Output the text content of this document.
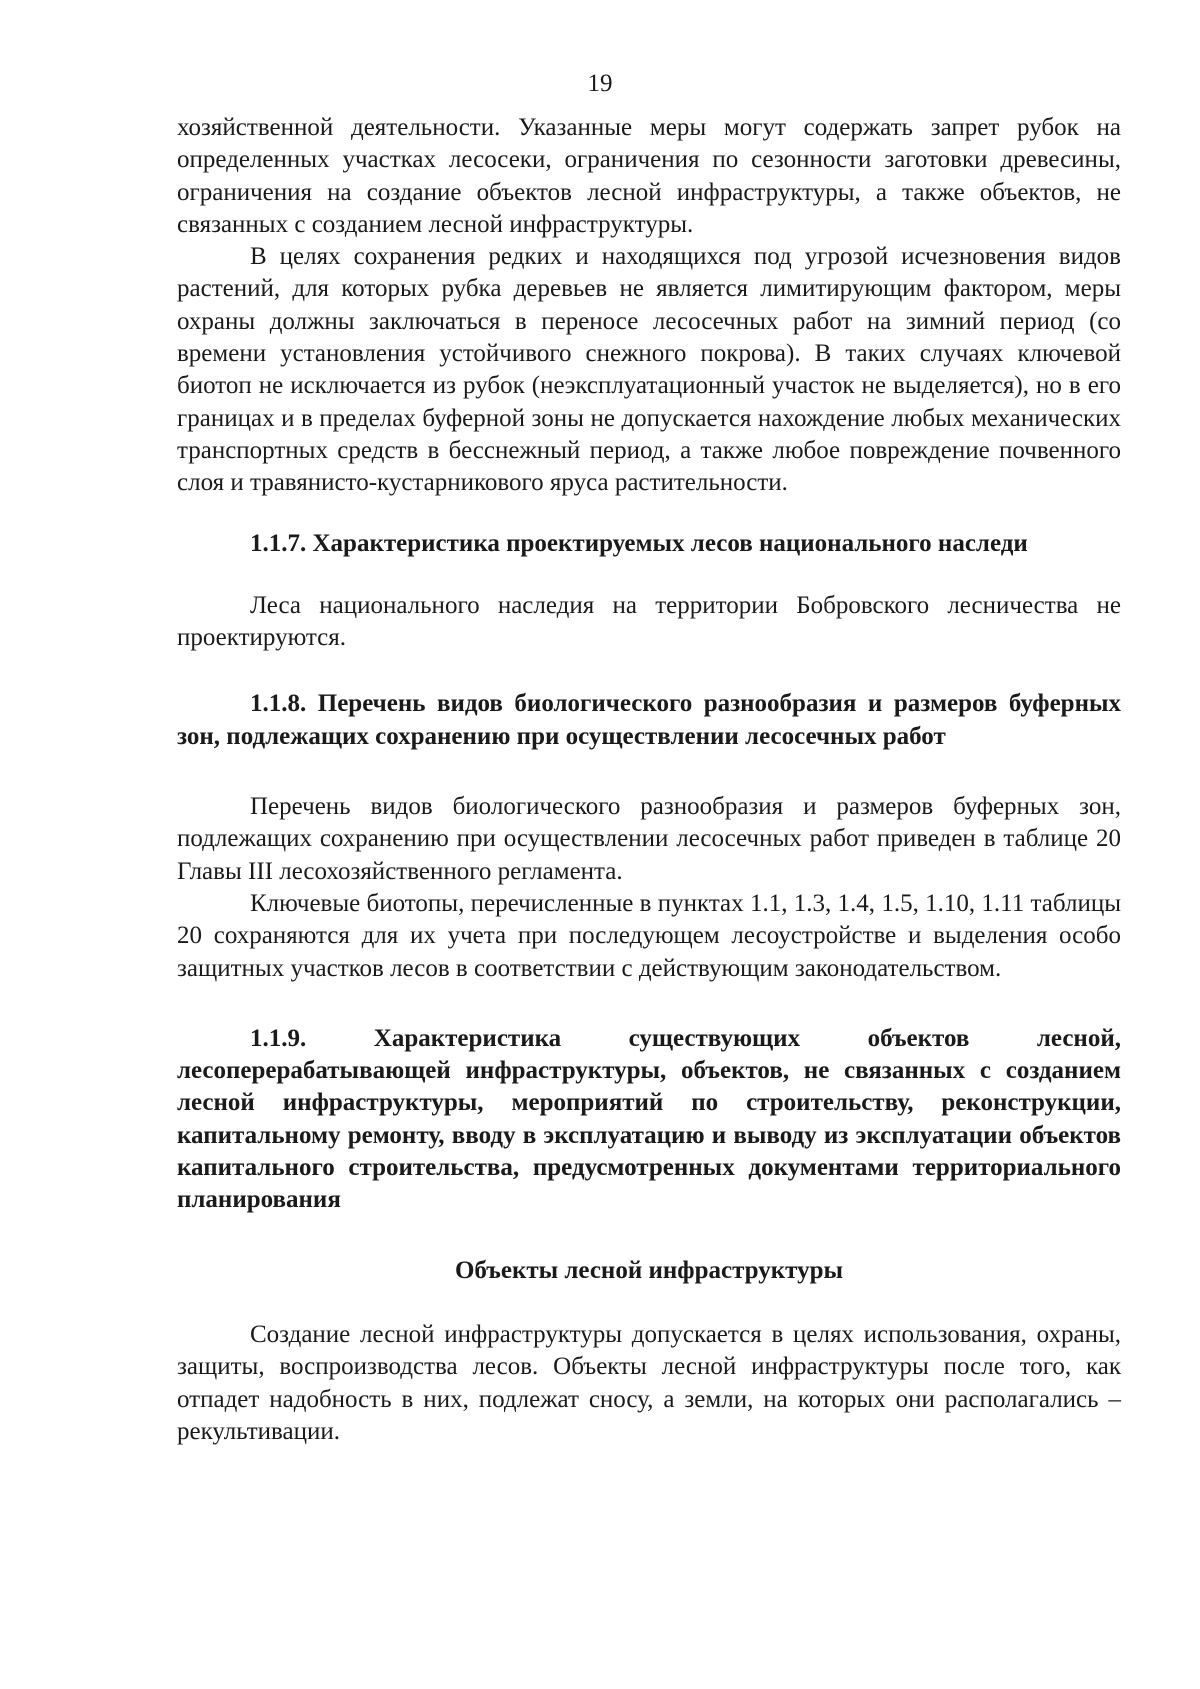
19

хозяйственной деятельности. Указанные меры могут содержать запрет рубок на определенных участках лесосеки, ограничения по сезонности заготовки древесины, ограничения на создание объектов лесной инфраструктуры, а также объектов, не связанных с созданием лесной инфраструктуры.

В целях сохранения редких и находящихся под угрозой исчезновения видов растений, для которых рубка деревьев не является лимитирующим фактором, меры охраны должны заключаться в переносе лесосечных работ на зимний период (со времени установления устойчивого снежного покрова). В таких случаях ключевой биотоп не исключается из рубок (неэксплуатационный участок не выделяется), но в его границах и в пределах буферной зоны не допускается нахождение любых механических транспортных средств в бесснежный период, а также любое повреждение почвенного слоя и травянисто-кустарникового яруса растительности.

1.1.7. Характеристика проектируемых лесов национального наследи

Леса национального наследия на территории Бобровского лесничества не проектируются.

1.1.8. Перечень видов биологического разнообразия и размеров буферных зон, подлежащих сохранению при осуществлении лесосечных работ

Перечень видов биологического разнообразия и размеров буферных зон, подлежащих сохранению при осуществлении лесосечных работ приведен в таблице 20 Главы III лесохозяйственного регламента.

Ключевые биотопы, перечисленные в пунктах 1.1, 1.3, 1.4, 1.5, 1.10, 1.11 таблицы 20 сохраняются для их учета при последующем лесоустройстве и выделения особо защитных участков лесов в соответствии с действующим законодательством.

1.1.9. Характеристика существующих объектов лесной, лесоперерабатывающей инфраструктуры, объектов, не связанных с созданием лесной инфраструктуры, мероприятий по строительству, реконструкции, капитальному ремонту, вводу в эксплуатацию и выводу из эксплуатации объектов капитального строительства, предусмотренных документами территориального планирования

Объекты лесной инфраструктуры

Создание лесной инфраструктуры допускается в целях использования, охраны, защиты, воспроизводства лесов. Объекты лесной инфраструктуры после того, как отпадет надобность в них, подлежат сносу, а земли, на которых они располагались – рекультивации.
